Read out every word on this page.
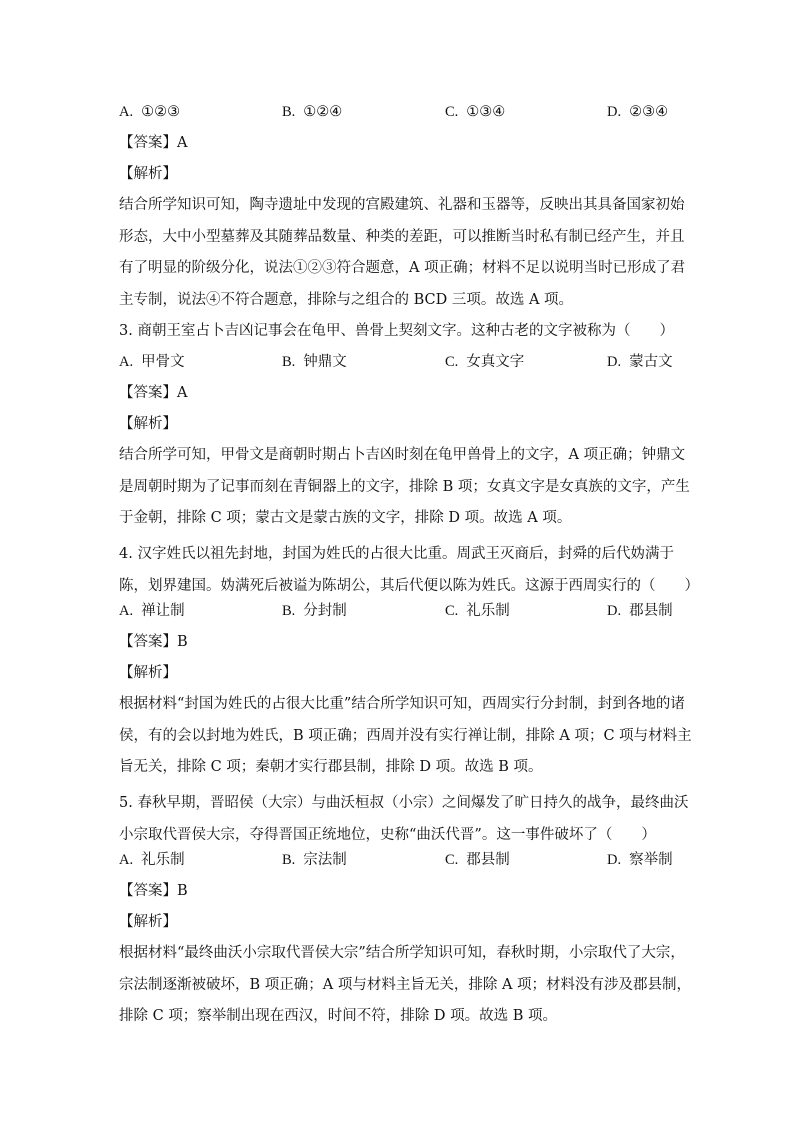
A. ①②③	B. ①②④	C. ①③④	D. ②③④
【答案】A
【解析】

结合所学知识可知，陶寺遗址中发现的宫殿建筑、礼器和玉器等，反映出其具备国家初始

形态，大中小型墓葬及其随葬品数量、种类的差距，可以推断当时私有制已经产生，并且

有了明显的阶级分化，说法①②③符合题意，A 项正确；材料不足以说明当时已形成了君

主专制，说法④不符合题意，排除与之组合的 BCD 三项。故选 A 项。

3. 商朝王室占卜吉凶记事会在龟甲、兽骨上契刻文字。这种古老的文字被称为（　　）
A. 甲骨文	B. 钟鼎文	C. 女真文字	D. 蒙古文
【答案】A
【解析】

结合所学可知，甲骨文是商朝时期占卜吉凶时刻在龟甲兽骨上的文字，A 项正确；钟鼎文

是周朝时期为了记事而刻在青铜器上的文字，排除 B 项；女真文字是女真族的文字，产生

于金朝，排除 C 项；蒙古文是蒙古族的文字，排除 D 项。故选 A 项。

4. 汉字姓氏以祖先封地，封国为姓氏的占很大比重。周武王灭商后，封舜的后代妫满于

陈，划界建国。妫满死后被谥为陈胡公，其后代便以陈为姓氏。这源于西周实行的（　　）

A. 禅让制	B. 分封制	C. 礼乐制	D. 郡县制
【答案】B
【解析】

根据材料“封国为姓氏的占很大比重”结合所学知识可知，西周实行分封制，封到各地的诸

侯，有的会以封地为姓氏，B 项正确；西周并没有实行禅让制，排除 A 项；C 项与材料主

旨无关，排除 C 项；秦朝才实行郡县制，排除 D 项。故选 B 项。

5. 春秋早期，晋昭侯（大宗）与曲沃桓叔（小宗）之间爆发了旷日持久的战争，最终曲沃

小宗取代晋侯大宗，夺得晋国正统地位，史称“曲沃代晋”。这一事件破坏了（　　）

A. 礼乐制	B. 宗法制	C. 郡县制	D. 察举制
【答案】B
【解析】

根据材料“最终曲沃小宗取代晋侯大宗”结合所学知识可知，春秋时期，小宗取代了大宗，

宗法制逐渐被破坏，B 项正确；A 项与材料主旨无关，排除 A 项；材料没有涉及郡县制，

排除 C 项；察举制出现在西汉，时间不符，排除 D 项。故选 B 项。
